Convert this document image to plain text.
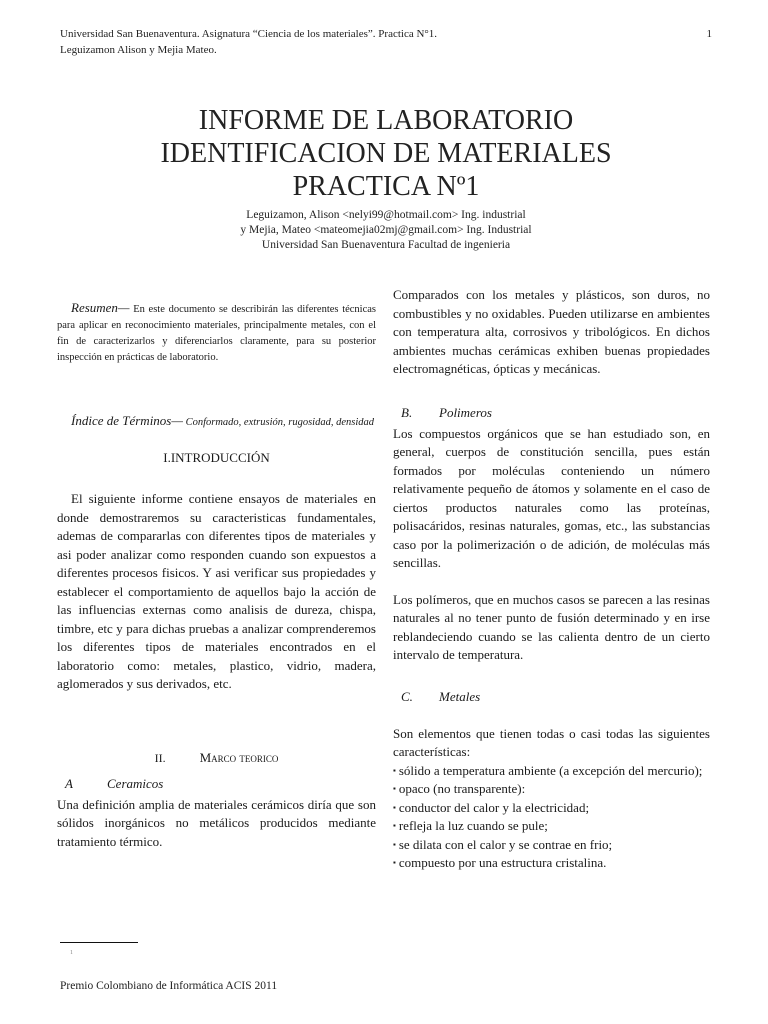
Universidad San Buenaventura. Asignatura “Ciencia de los materiales”. Practica N°1.
Leguizamon Alison y Mejia Mateo.
1
INFORME DE LABORATORIO
IDENTIFICACION DE MATERIALES
PRACTICA Nº1
Leguizamon, Alison <nelyi99@hotmail.com> Ing. industrial
y Mejia, Mateo <mateomejia02mj@gmail.com> Ing. Industrial
Universidad San Buenaventura Facultad de ingenieria

Resumen— En este documento se describirán las diferentes técnicas para aplicar en reconocimiento materiales, principalmente metales, con el fin de caracterizarlos y diferenciarlos claramente, para su posterior inspección en prácticas de laboratorio.

Índice de Términos— Conformado, extrusión, rugosidad, densidad

I.INTRODUCCIÓN

El siguiente informe contiene ensayos de materiales en donde demostraremos su caracteristicas fundamentales, ademas de compararlas con diferentes tipos de materiales y asi poder analizar como responden cuando son expuestos a diferentes procesos fisicos. Y asi verificar sus propiedades y establecer el comportamiento de aquellos bajo la acción de las influencias externas como analisis de dureza, chispa, timbre, etc y para dichas pruebas a analizar comprenderemos los diferentes tipos de materiales encontrados en el laboratorio como: metales, plastico, vidrio, madera, aglomerados y sus derivados, etc.

II.	Marco teorico
A	Ceramicos

Una definición amplia de materiales cerámicos diría que son sólidos inorgánicos no metálicos producidos mediante tratamiento térmico.

Comparados con los metales y plásticos, son duros, no combustibles y no oxidables. Pueden utilizarse en ambientes con temperatura alta, corrosivos y tribológicos. En dichos ambientes muchas cerámicas exhiben buenas propiedades electromagnéticas, ópticas y mecánicas.

B. Polimeros

Los compuestos orgánicos que se han estudiado son, en general, cuerpos de constitución sencilla, pues están formados por moléculas conteniendo un número relativamente pequeño de átomos y solamente en el caso de ciertos productos naturales como las proteínas, polisacáridos, resinas naturales, gomas, etc., las substancias caso por la polimerización o de adición, de moléculas más sencillas.

Los polímeros, que en muchos casos se parecen a las resinas naturales al no tener punto de fusión determinado y en irse reblandeciendo cuando se las calienta dentro de un cierto intervalo de temperatura.

C. Metales

Son elementos que tienen todas o casi todas las siguientes características:

▪ sólido a temperatura ambiente (a excepción del mercurio);
▪ opaco (no transparente):
▪ conductor del calor y la electricidad;
▪ refleja la luz cuando se pule;
▪ se dilata con el calor y se contrae en frio;
▪ compuesto por una estructura cristalina.
1
Premio Colombiano de Informática ACIS 2011
